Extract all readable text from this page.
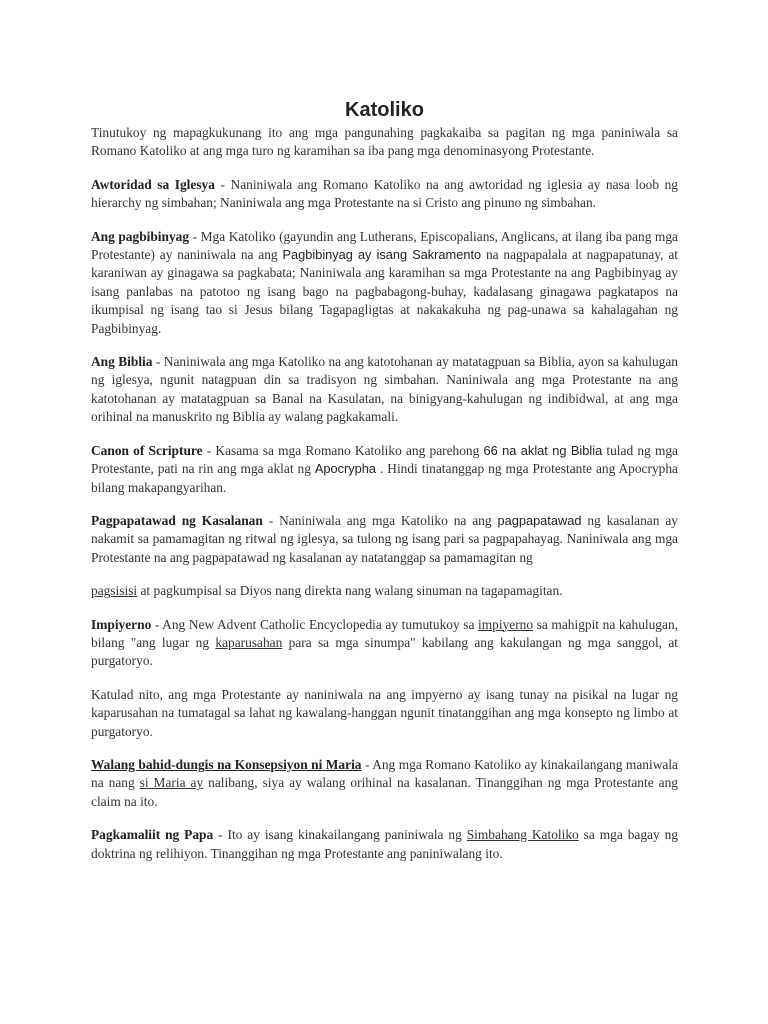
Katoliko

Tinutukoy ng mapagkukunang ito ang mga pangunahing pagkakaiba sa pagitan ng mga paniniwala sa Romano Katoliko at ang mga turo ng karamihan sa iba pang mga denominasyong Protestante.

Awtoridad sa Iglesya - Naniniwala ang Romano Katoliko na ang awtoridad ng iglesia ay nasa loob ng hierarchy ng simbahan; Naniniwala ang mga Protestante na si Cristo ang pinuno ng simbahan.

Ang pagbibinyag - Mga Katoliko (gayundin ang Lutherans, Episcopalians, Anglicans, at ilang iba pang mga Protestante) ay naniniwala na ang Pagbibinyag ay isang Sakramento na nagpapalala at nagpapatunay, at karaniwan ay ginagawa sa pagkabata; Naniniwala ang karamihan sa mga Protestante na ang Pagbibinyag ay isang panlabas na patotoo ng isang bago na pagbabagong-buhay, kadalasang ginagawa pagkatapos na ikumpisal ng isang tao si Jesus bilang Tagapagligtas at nakakakuha ng pag-unawa sa kahalagahan ng Pagbibinyag.

Ang Biblia - Naniniwala ang mga Katoliko na ang katotohanan ay matatagpuan sa Biblia, ayon sa kahulugan ng iglesya, ngunit natagpuan din sa tradisyon ng simbahan. Naniniwala ang mga Protestante na ang katotohanan ay matatagpuan sa Banal na Kasulatan, na binigyang-kahulugan ng indibidwal, at ang mga orihinal na manuskrito ng Biblia ay walang pagkakamali.

Canon of Scripture - Kasama sa mga Romano Katoliko ang parehong 66 na aklat ng Biblia tulad ng mga Protestante, pati na rin ang mga aklat ng Apocrypha . Hindi tinatanggap ng mga Protestante ang Apocrypha bilang makapangyarihan.

Pagpapatawad ng Kasalanan - Naniniwala ang mga Katoliko na ang pagpapatawad ng kasalanan ay nakamit sa pamamagitan ng ritwal ng iglesya, sa tulong ng isang pari sa pagpapahayag. Naniniwala ang mga Protestante na ang pagpapatawad ng kasalanan ay natatanggap sa pamamagitan ng

pagsisisi at pagkumpisal sa Diyos nang direkta nang walang sinuman na tagapamagitan.

Impiyerno - Ang New Advent Catholic Encyclopedia ay tumutukoy sa impiyerno sa mahigpit na kahulugan, bilang "ang lugar ng kaparusahan para sa mga sinumpa" kabilang ang kakulangan ng mga sanggol, at purgatoryo.

Katulad nito, ang mga Protestante ay naniniwala na ang impyerno ay isang tunay na pisikal na lugar ng kaparusahan na tumatagal sa lahat ng kawalang-hanggan ngunit tinatanggihan ang mga konsepto ng limbo at purgatoryo.

Walang bahid-dungis na Konsepsiyon ni Maria - Ang mga Romano Katoliko ay kinakailangang maniwala na nang si Maria ay nalibang, siya ay walang orihinal na kasalanan. Tinanggihan ng mga Protestante ang claim na ito.

Pagkamaliit ng Papa - Ito ay isang kinakailangang paniniwala ng Simbahang Katoliko sa mga bagay ng doktrina ng relihiyon. Tinanggihan ng mga Protestante ang paniniwalang ito.
